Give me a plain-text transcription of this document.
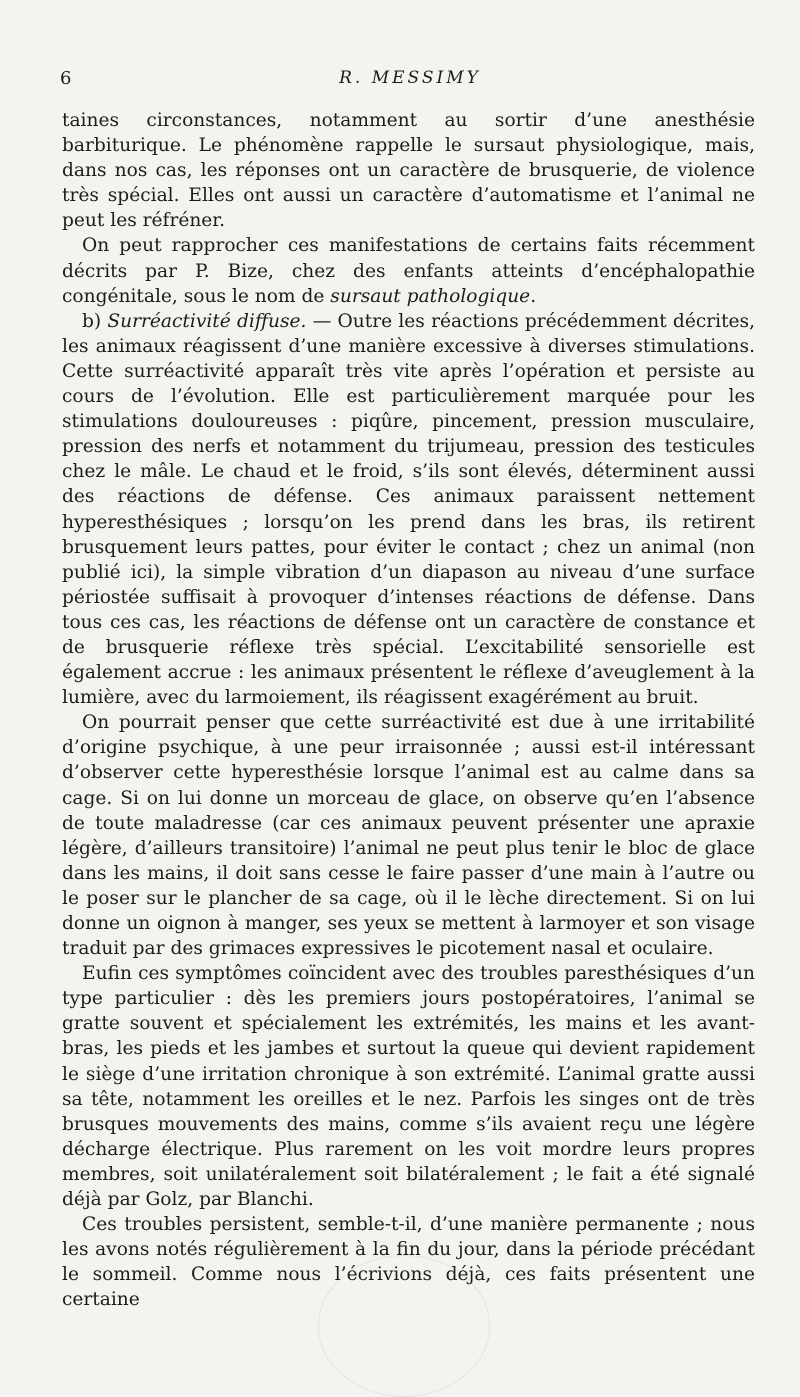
6	R. MESSIMY

taines circonstances, notamment au sortir d’une anesthésie barbiturique. Le phénomène rappelle le sursaut physiologique, mais, dans nos cas, les réponses ont un caractère de brusquerie, de violence très spécial. Elles ont aussi un caractère d’automatisme et l’animal ne peut les réfréner.

On peut rapprocher ces manifestations de certains faits récemment décrits par P. Bize, chez des enfants atteints d’encéphalopathie congénitale, sous le nom de sursaut pathologique.

b) Surréactivité diffuse. — Outre les réactions précédemment décrites, les animaux réagissent d’une manière excessive à diverses stimulations. Cette surréactivité apparaît très vite après l’opération et persiste au cours de l’évolution. Elle est particulièrement marquée pour les stimulations douloureuses : piqûre, pincement, pression musculaire, pression des nerfs et notamment du trijumeau, pression des testicules chez le mâle. Le chaud et le froid, s’ils sont élevés, déterminent aussi des réactions de défense. Ces animaux paraissent nettement hyperesthésiques ; lorsqu’on les prend dans les bras, ils retirent brusquement leurs pattes, pour éviter le contact ; chez un animal (non publié ici), la simple vibration d’un diapason au niveau d’une surface périostée suffisait à provoquer d’intenses réactions de défense. Dans tous ces cas, les réactions de défense ont un caractère de constance et de brusquerie réflexe très spécial. L’excitabilité sensorielle est également accrue : les animaux présentent le réflexe d’aveuglement à la lumière, avec du larmoiement, ils réagissent exagérément au bruit.

On pourrait penser que cette surréactivité est due à une irritabilité d’origine psychique, à une peur irraisonnée ; aussi est-il intéressant d’observer cette hyperesthésie lorsque l’animal est au calme dans sa cage. Si on lui donne un morceau de glace, on observe qu’en l’absence de toute maladresse (car ces animaux peuvent présenter une apraxie légère, d’ailleurs transitoire) l’animal ne peut plus tenir le bloc de glace dans les mains, il doit sans cesse le faire passer d’une main à l’autre ou le poser sur le plancher de sa cage, où il le lèche directement. Si on lui donne un oignon à manger, ses yeux se mettent à larmoyer et son visage traduit par des grimaces expressives le picotement nasal et oculaire.

Eufin ces symptômes coïncident avec des troubles paresthésiques d’un type particulier : dès les premiers jours postopératoires, l’animal se gratte souvent et spécialement les extrémités, les mains et les avant-bras, les pieds et les jambes et surtout la queue qui devient rapidement le siège d’une irritation chronique à son extrémité. L’animal gratte aussi sa tête, notamment les oreilles et le nez. Parfois les singes ont de très brusques mouvements des mains, comme s’ils avaient reçu une légère décharge électrique. Plus rarement on les voit mordre leurs propres membres, soit unilatéralement soit bilatéralement ; le fait a été signalé déjà par Golz, par Blanchi.

Ces troubles persistent, semble-t-il, d’une manière permanente ; nous les avons notés régulièrement à la fin du jour, dans la période précédant le sommeil. Comme nous l’écrivions déjà, ces faits présentent une certaine
